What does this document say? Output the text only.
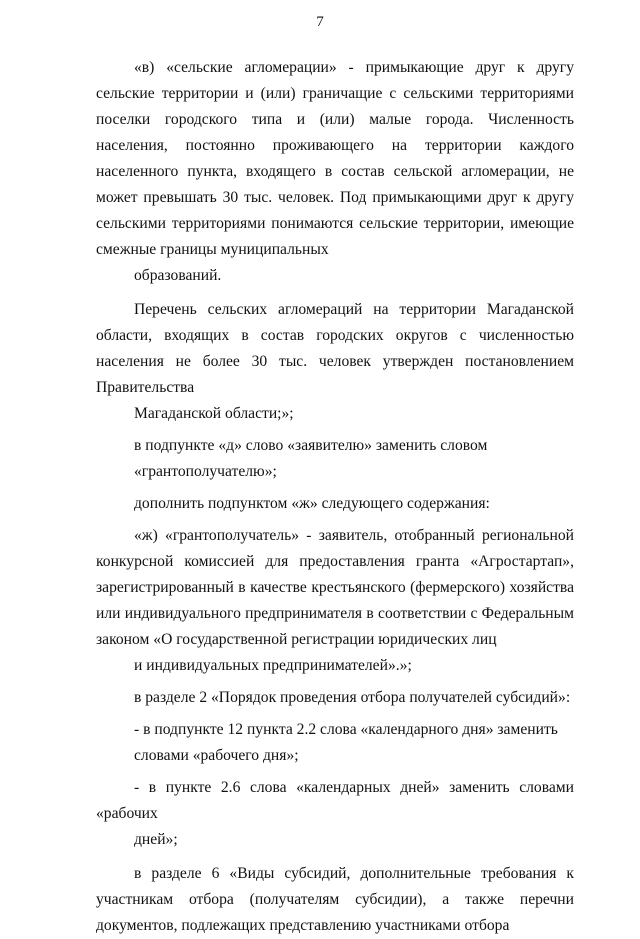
7

«в) «сельские агломерации» - примыкающие друг к другу сельские территории и (или) граничащие с сельскими территориями поселки городского типа и (или) малые города. Численность населения, постоянно проживающего на территории каждого населенного пункта, входящего в состав сельской агломерации, не может превышать 30 тыс. человек. Под примыкающими друг к другу сельскими территориями понимаются сельские территории, имеющие смежные границы муниципальных
образований.

Перечень сельских агломераций на территории Магаданской области, входящих в состав городских округов с численностью населения не более 30 тыс. человек утвержден постановлением Правительства
Магаданской области;»;

в подпункте «д» слово «заявителю» заменить словом
«грантополучателю»;

дополнить подпунктом «ж» следующего содержания:

«ж) «грантополучатель» - заявитель, отобранный региональной конкурсной комиссией для предоставления гранта «Агростартап», зарегистрированный в качестве крестьянского (фермерского) хозяйства или индивидуального предпринимателя в соответствии с Федеральным законом «О государственной регистрации юридических лиц
и индивидуальных предпринимателей».»;

в разделе 2 «Порядок проведения отбора получателей субсидий»:

- в подпункте 12 пункта 2.2 слова «календарного дня» заменить
словами «рабочего дня»;

- в пункте 2.6 слова «календарных дней» заменить словами «рабочих
дней»;

в разделе 6 «Виды субсидий, дополнительные требования к участникам отбора (получателям субсидии), а также перечни документов, подлежащих представлению участниками отбора
